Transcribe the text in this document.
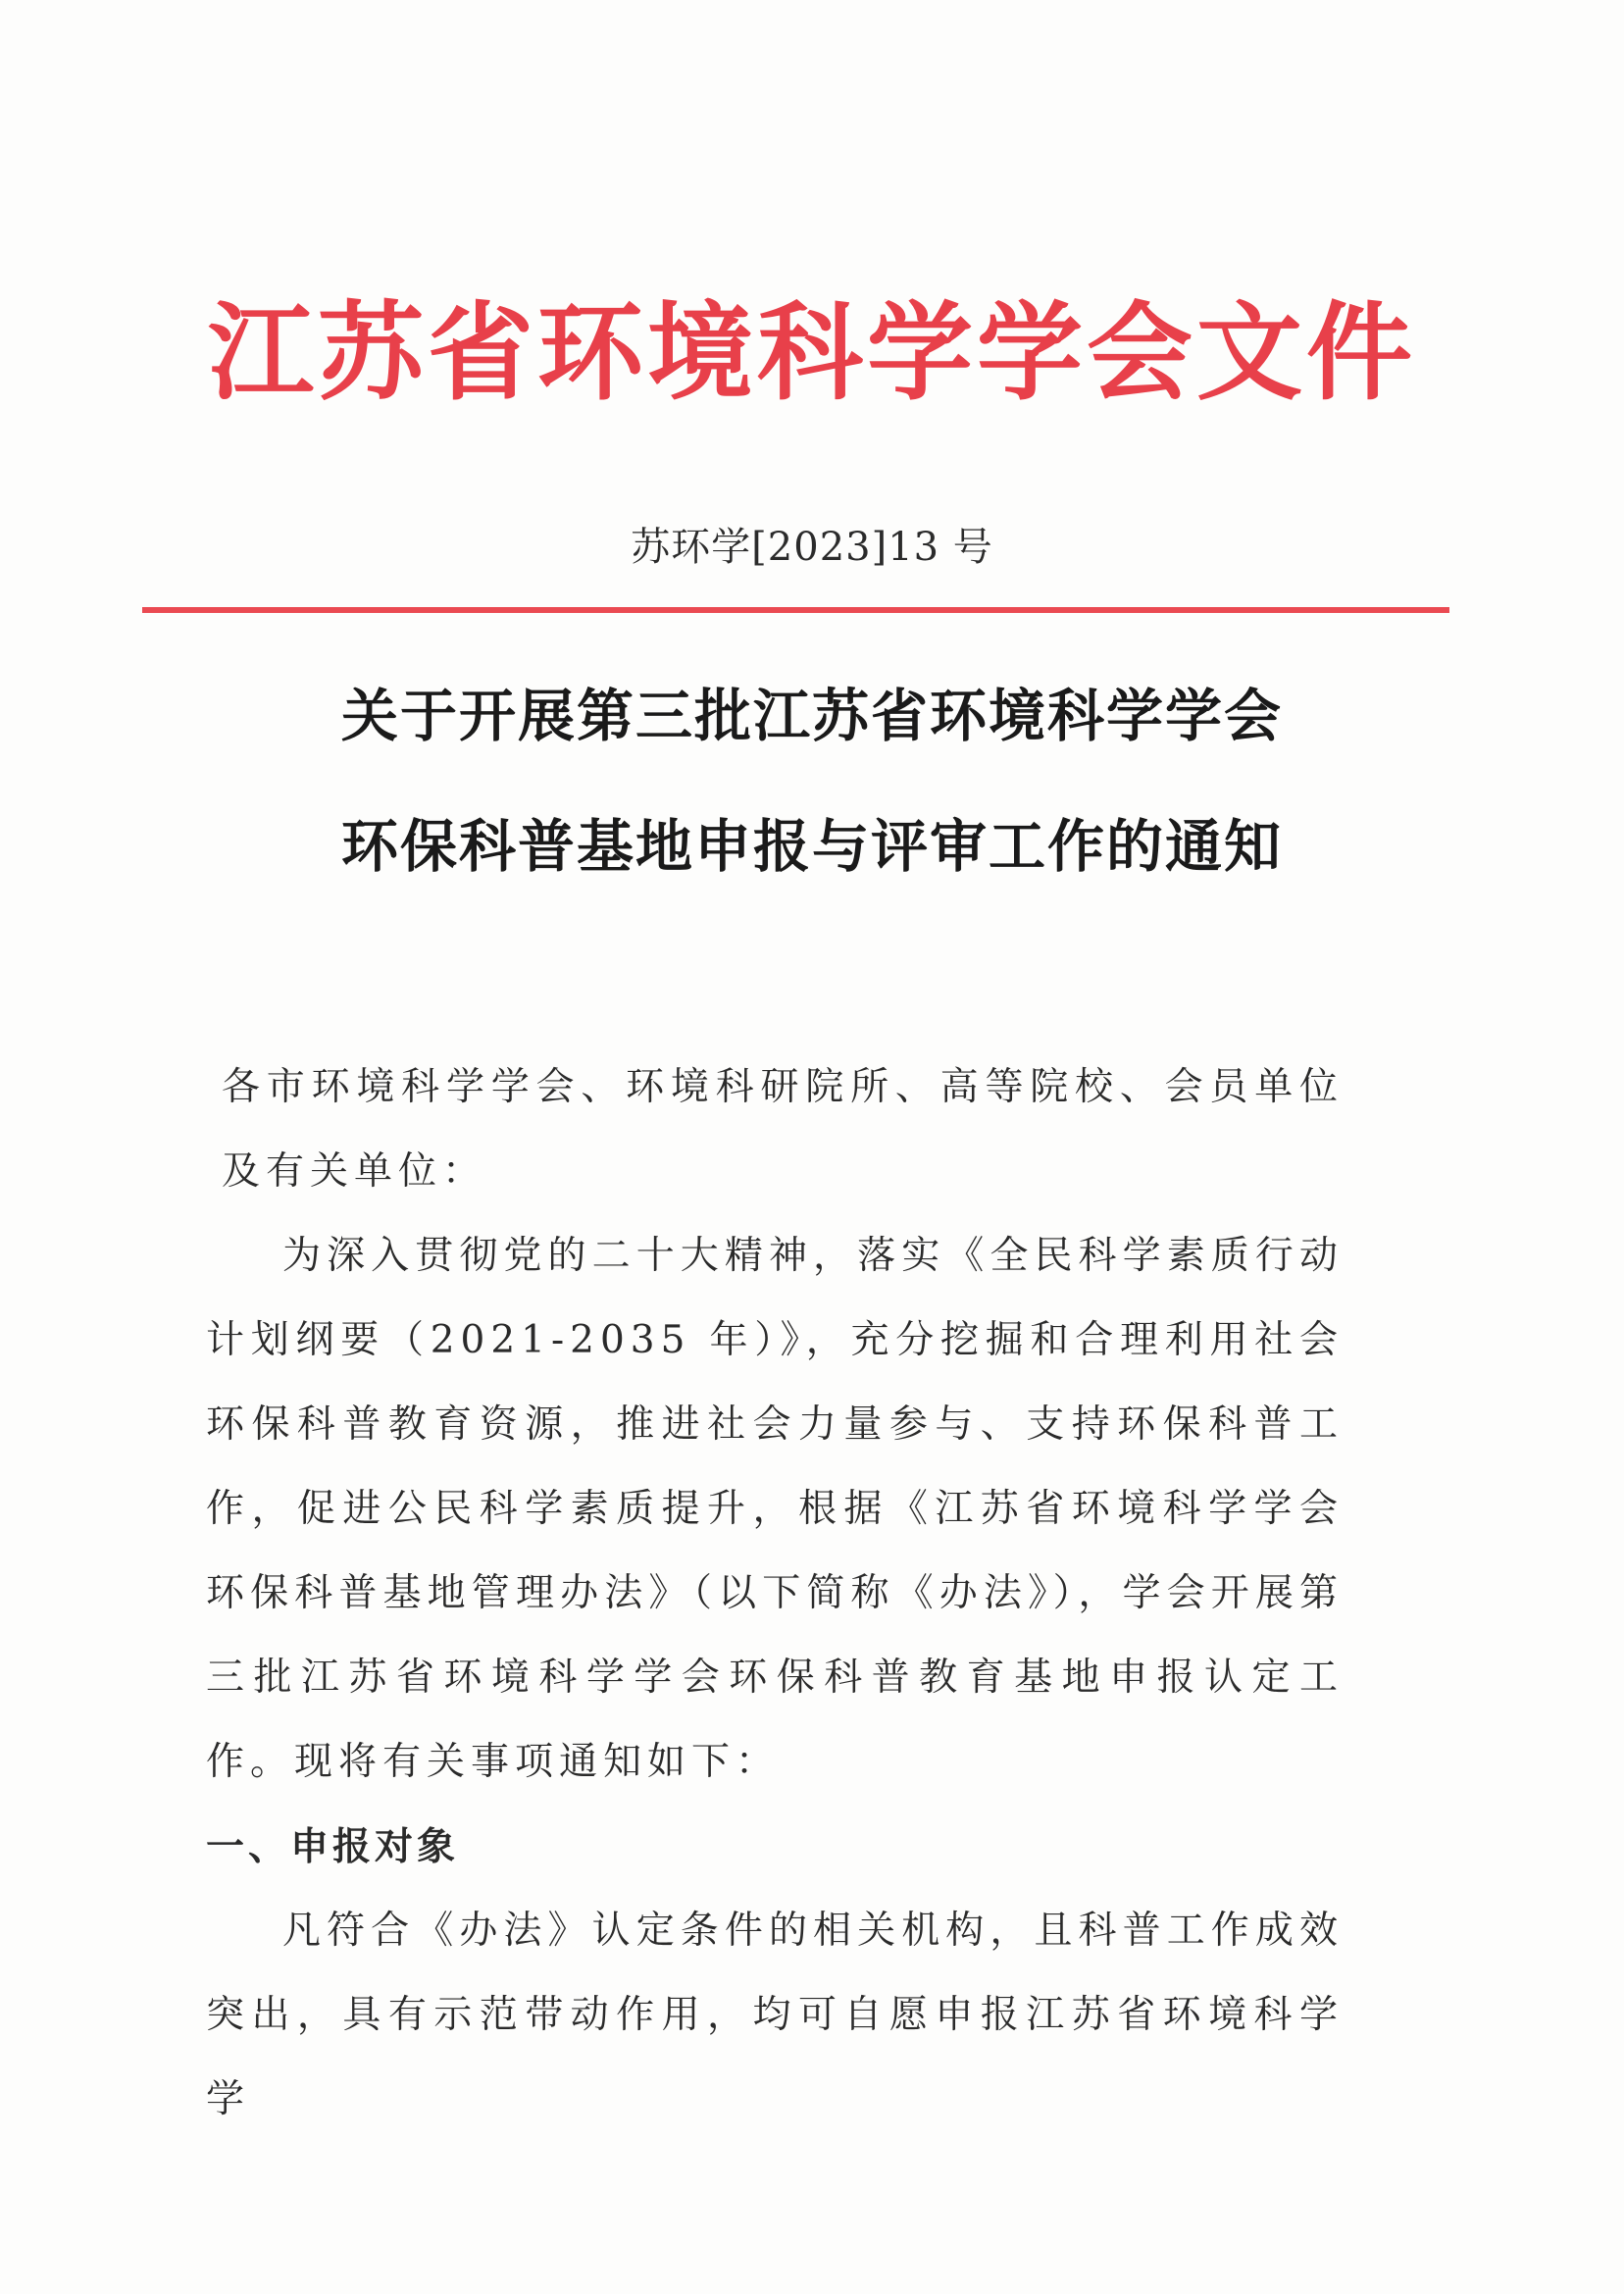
江苏省环境科学学会文件
苏环学[2023]13 号
关于开展第三批江苏省环境科学学会
环保科普基地申报与评审工作的通知

各市环境科学学会、环境科研院所、高等院校、会员单位及有关单位：

为深入贯彻党的二十大精神，落实《全民科学素质行动计划纲要（2021-2035 年）》，充分挖掘和合理利用社会环保科普教育资源，推进社会力量参与、支持环保科普工作，促进公民科学素质提升，根据《江苏省环境科学学会环保科普基地管理办法》（以下简称《办法》），学会开展第三批江苏省环境科学学会环保科普教育基地申报认定工作。现将有关事项通知如下：

一、申报对象

凡符合《办法》认定条件的相关机构，且科普工作成效突出，具有示范带动作用，均可自愿申报江苏省环境科学学
